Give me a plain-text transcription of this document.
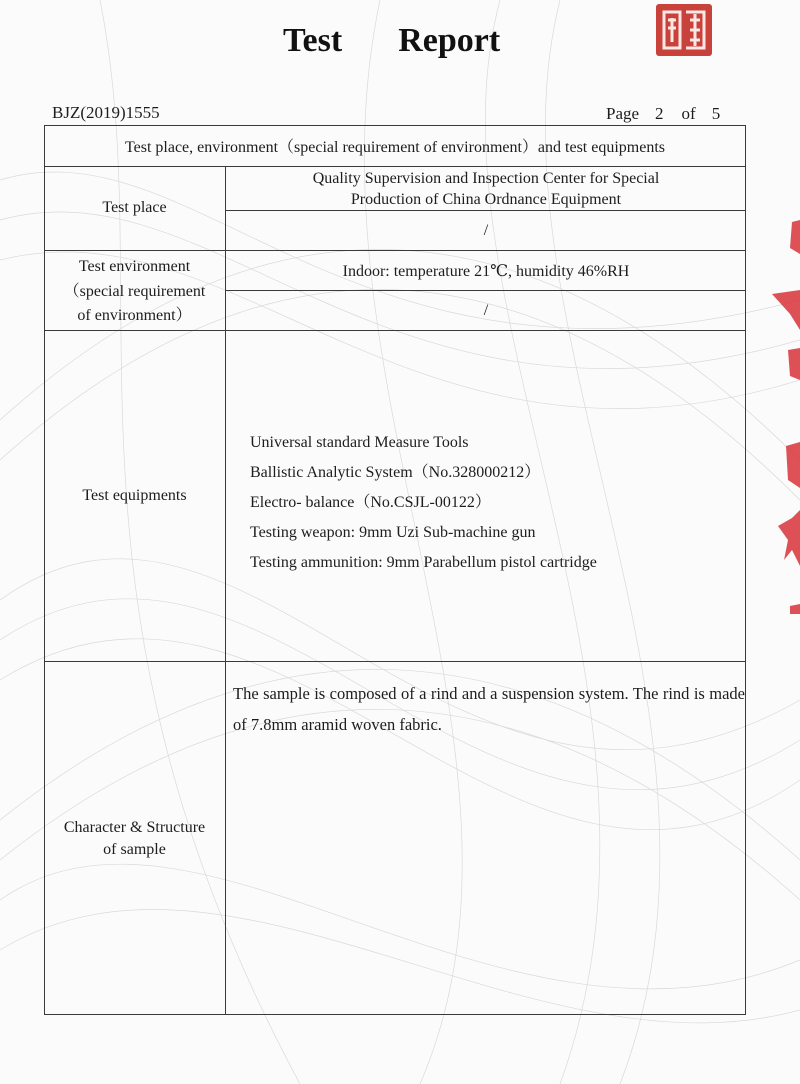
Test Report
BJZ(2019)1555	Page 2 of 5
Test place, environment（special requirement of environment）and test equipments
Test place
Quality Supervision and Inspection Center for Special
Production of China Ordnance Equipment
/
Test environment
（special requirement
of environment）
Indoor: temperature 21℃, humidity 46%RH
/
Test equipments
Universal standard Measure Tools
Ballistic Analytic System（No.328000212）
Electro- balance（No.CSJL-00122）
Testing weapon: 9mm Uzi Sub-machine gun
Testing ammunition: 9mm Parabellum pistol cartridge
Character & Structure
of sample
The sample is composed of a rind and a suspension system. The rind is made of 7.8mm aramid woven fabric.
